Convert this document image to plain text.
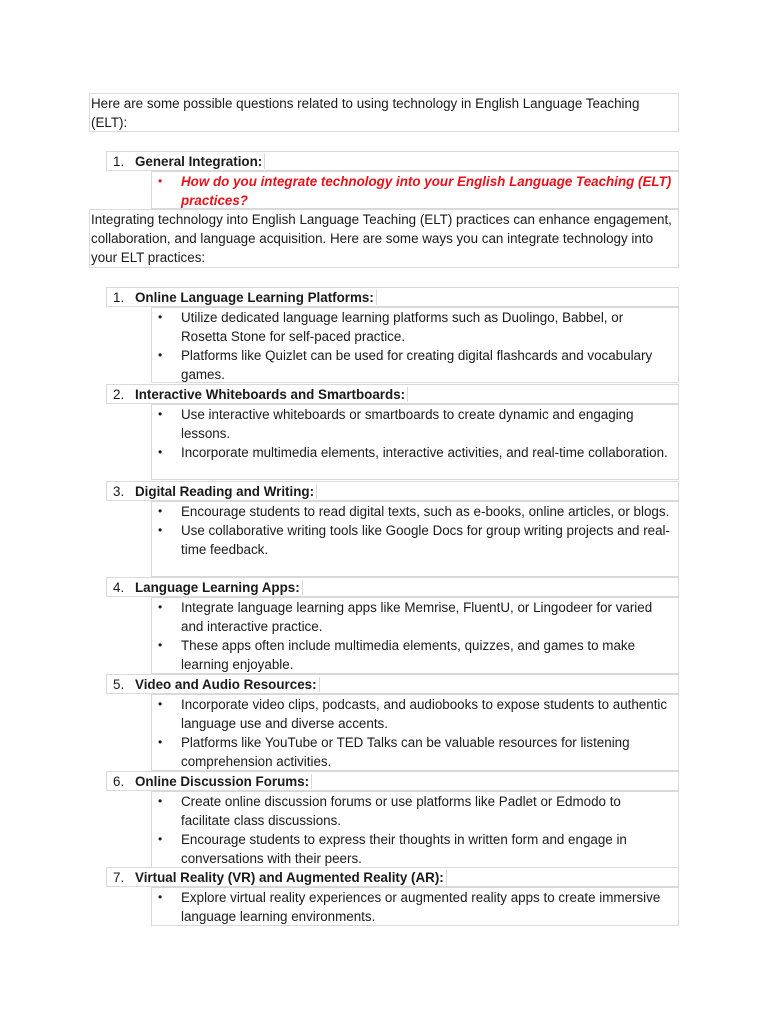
Here are some possible questions related to using technology in English Language Teaching (ELT):
1. General Integration:
• How do you integrate technology into your English Language Teaching (ELT) practices?
Integrating technology into English Language Teaching (ELT) practices can enhance engagement, collaboration, and language acquisition. Here are some ways you can integrate technology into your ELT practices:
1. Online Language Learning Platforms:
• Utilize dedicated language learning platforms such as Duolingo, Babbel, or Rosetta Stone for self-paced practice.
• Platforms like Quizlet can be used for creating digital flashcards and vocabulary games.
2. Interactive Whiteboards and Smartboards:
• Use interactive whiteboards or smartboards to create dynamic and engaging lessons.
• Incorporate multimedia elements, interactive activities, and real-time collaboration.
3. Digital Reading and Writing:
• Encourage students to read digital texts, such as e-books, online articles, or blogs.
• Use collaborative writing tools like Google Docs for group writing projects and real-time feedback.
4. Language Learning Apps:
• Integrate language learning apps like Memrise, FluentU, or Lingodeer for varied and interactive practice.
• These apps often include multimedia elements, quizzes, and games to make learning enjoyable.
5. Video and Audio Resources:
• Incorporate video clips, podcasts, and audiobooks to expose students to authentic language use and diverse accents.
• Platforms like YouTube or TED Talks can be valuable resources for listening comprehension activities.
6. Online Discussion Forums:
• Create online discussion forums or use platforms like Padlet or Edmodo to facilitate class discussions.
• Encourage students to express their thoughts in written form and engage in conversations with their peers.
7. Virtual Reality (VR) and Augmented Reality (AR):
• Explore virtual reality experiences or augmented reality apps to create immersive language learning environments.
